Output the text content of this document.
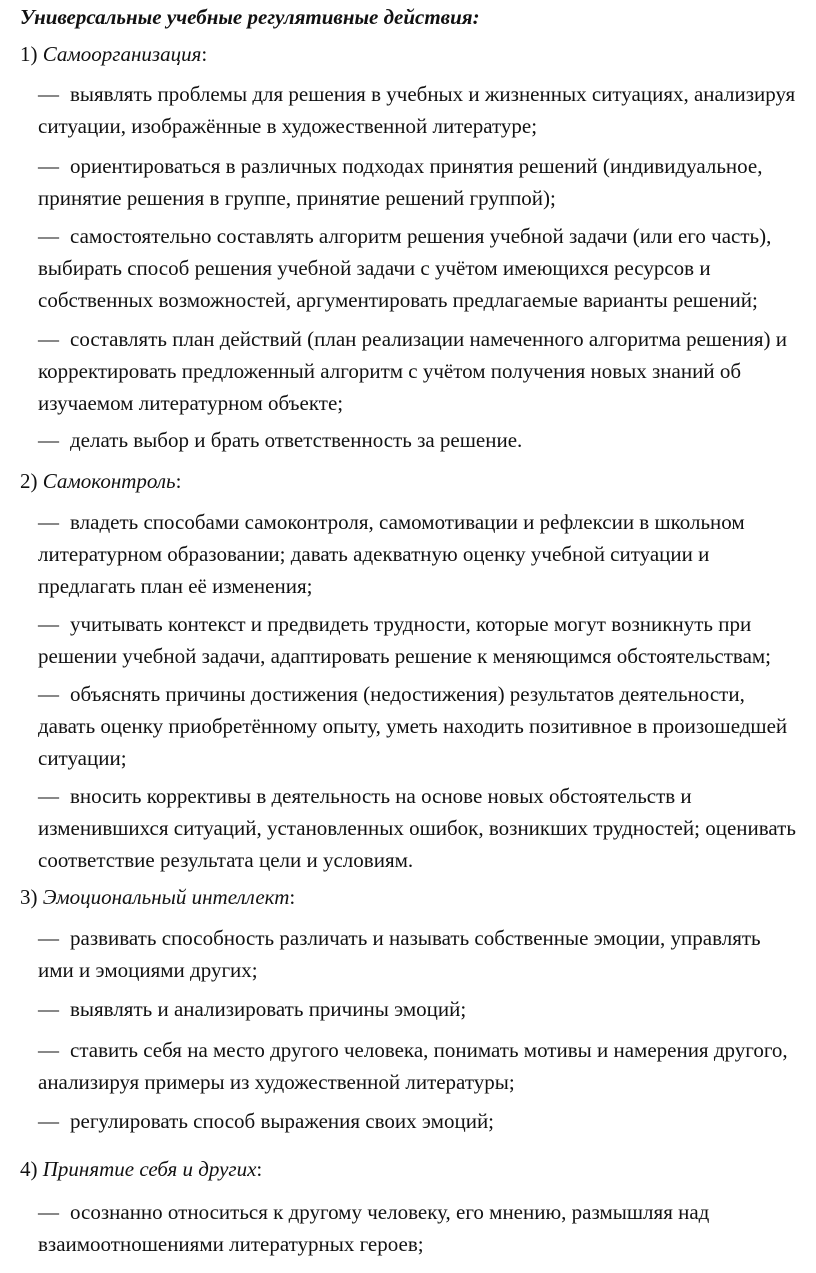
Универсальные учебные регулятивные действия:
1) Самоорганизация:
— выявлять проблемы для решения в учебных и жизненных ситуациях, анализируя ситуации, изображённые в художественной литературе;
— ориентироваться в различных подходах принятия решений (индивидуальное, принятие решения в группе, принятие решений группой);
— самостоятельно составлять алгоритм решения учебной задачи (или его часть), выбирать способ решения учебной задачи с учётом имеющихся ресурсов и собственных возможностей, аргументировать предлагаемые варианты решений;
— составлять план действий (план реализации намеченного алгоритма решения) и корректировать предложенный алгоритм с учётом получения новых знаний об изучаемом литературном объекте;
— делать выбор и брать ответственность за решение.
2) Самоконтроль:
— владеть способами самоконтроля, самомотивации и рефлексии в школьном литературном образовании; давать адекватную оценку учебной ситуации и предлагать план её изменения;
— учитывать контекст и предвидеть трудности, которые могут возникнуть при решении учебной задачи, адаптировать решение к меняющимся обстоятельствам;
— объяснять причины достижения (недостижения) результатов деятельности, давать оценку приобретённому опыту, уметь находить позитивное в произошедшей ситуации;
— вносить коррективы в деятельность на основе новых обстоятельств и изменившихся ситуаций, установленных ошибок, возникших трудностей; оценивать соответствие результата цели и условиям.
3) Эмоциональный интеллект:
— развивать способность различать и называть собственные эмоции, управлять ими и эмоциями других;
— выявлять и анализировать причины эмоций;
— ставить себя на место другого человека, понимать мотивы и намерения другого, анализируя примеры из художественной литературы;
— регулировать способ выражения своих эмоций;
4) Принятие себя и других:
— осознанно относиться к другому человеку, его мнению, размышляя над взаимоотношениями литературных героев;
